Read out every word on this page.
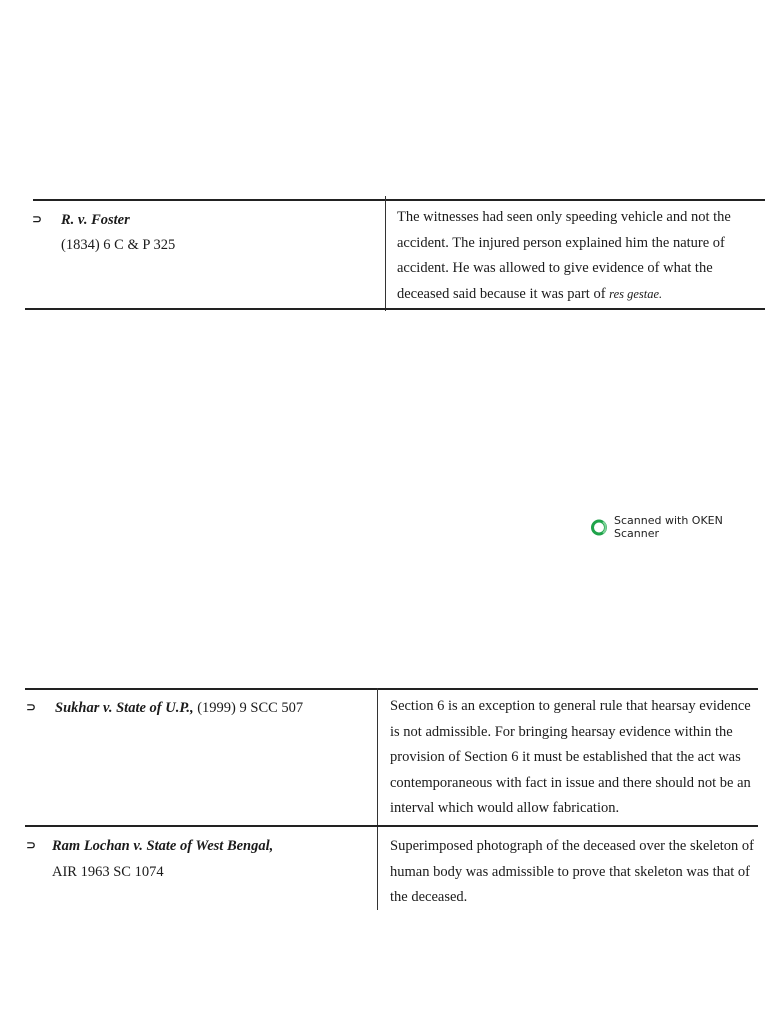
⊃ R. v. Foster
(1834) 6 C & P 325
The witnesses had seen only speeding vehicle and not the accident. The injured person explained him the nature of accident. He was allowed to give evidence of what the deceased said because it was part of res gestae.
Scanned with OKEN Scanner
⊃ Sukhar v. State of U.P., (1999) 9 SCC 507	Section 6 is an exception to general rule that hearsay evidence is not admissible. For bringing hearsay evidence within the provision of Section 6 it must be established that the act was contemporaneous with fact in issue and there should not be an interval which would allow fabrication.
⊃ Ram Lochan v. State of West Bengal,
AIR 1963 SC 1074
Superimposed photograph of the deceased over the skeleton of human body was admissible to prove that skeleton was that of the deceased.
